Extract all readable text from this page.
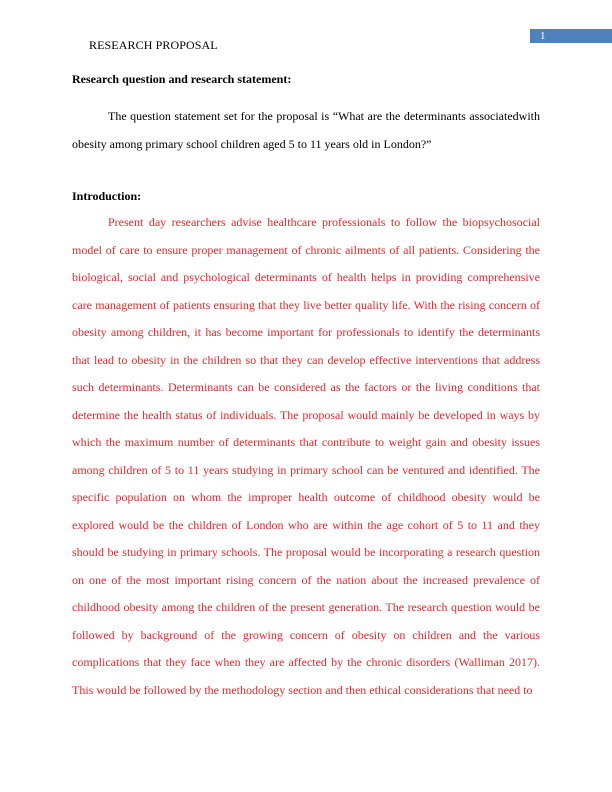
1
RESEARCH PROPOSAL
Research question and research statement:

The question statement set for the proposal is “What are the determinants associatedwith obesity among primary school children aged 5 to 11 years old in London?”

Introduction:

Present day researchers advise healthcare professionals to follow the biopsychosocial model of care to ensure proper management of chronic ailments of all patients. Considering the biological, social and psychological determinants of health helps in providing comprehensive care management of patients ensuring that they live better quality life. With the rising concern of obesity among children, it has become important for professionals to identify the determinants that lead to obesity in the children so that they can develop effective interventions that address such determinants. Determinants can be considered as the factors or the living conditions that determine the health status of individuals. The proposal would mainly be developed in ways by which the maximum number of determinants that contribute to weight gain and obesity issues among children of 5 to 11 years studying in primary school can be ventured and identified. The specific population on whom the improper health outcome of childhood obesity would be explored would be the children of London who are within the age cohort of 5 to 11 and they should be studying in primary schools. The proposal would be incorporating a research question on one of the most important rising concern of the nation about the increased prevalence of childhood obesity among the children of the present generation. The research question would be followed by background of the growing concern of obesity on children and the various complications that they face when they are affected by the chronic disorders (Walliman 2017). This would be followed by the methodology section and then ethical considerations that need to
